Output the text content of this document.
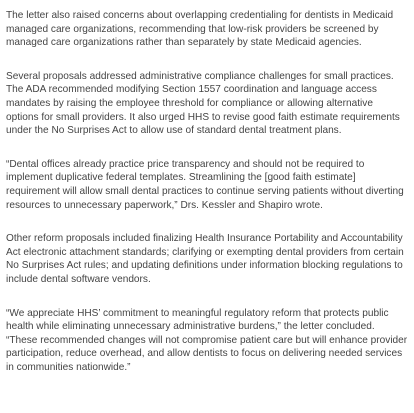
The letter also raised concerns about overlapping credentialing for dentists in Medicaid managed care organizations, recommending that low-risk providers be screened by managed care organizations rather than separately by state Medicaid agencies.

Several proposals addressed administrative compliance challenges for small practices. The ADA recommended modifying Section 1557 coordination and language access mandates by raising the employee threshold for compliance or allowing alternative options for small providers. It also urged HHS to revise good faith estimate requirements under the No Surprises Act to allow use of standard dental treatment plans.

“Dental offices already practice price transparency and should not be required to implement duplicative federal templates. Streamlining the [good faith estimate] requirement will allow small dental practices to continue serving patients without diverting resources to unnecessary paperwork,” Drs. Kessler and Shapiro wrote.

Other reform proposals included finalizing Health Insurance Portability and Accountability Act electronic attachment standards; clarifying or exempting dental providers from certain No Surprises Act rules; and updating definitions under information blocking regulations to include dental software vendors.

“We appreciate HHS’ commitment to meaningful regulatory reform that protects public health while eliminating unnecessary administrative burdens,” the letter concluded. “These recommended changes will not compromise patient care but will enhance provider participation, reduce overhead, and allow dentists to focus on delivering needed services in communities nationwide.”
